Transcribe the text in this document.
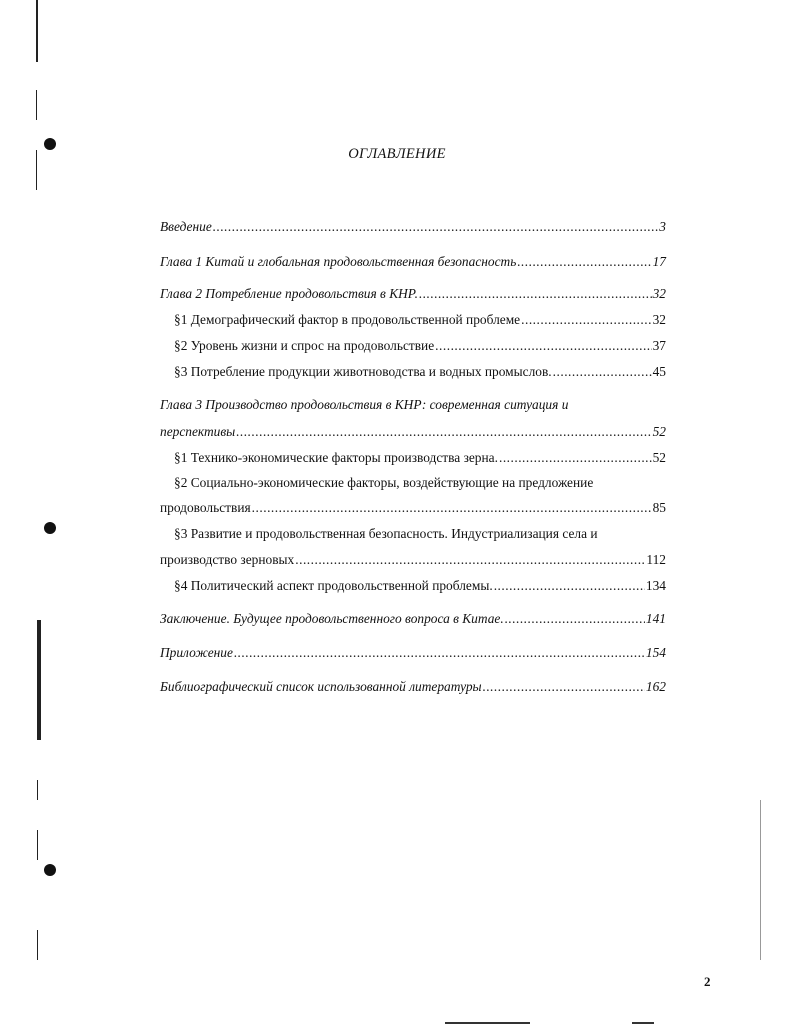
ОГЛАВЛЕНИЕ
Введение .....	3
Глава 1 Китай и глобальная продовольственная безопасность .....	17
Глава 2 Потребление продовольствия в КНР. .....	32
§1 Демографический фактор в продовольственной проблеме .....	32
§2 Уровень жизни и спрос на продовольствие .....	37
§3 Потребление продукции животноводства и водных промыслов. .....	45
Глава 3 Производство продовольствия в КНР: современная ситуация и
перспективы .....	52
§1 Технико-экономические факторы производства зерна. .....	52
§2 Социально-экономические факторы, воздействующие на предложение
продовольствия .....	85
§3 Развитие и продовольственная безопасность. Индустриализация села и
производство зерновых .....	112
§4 Политический аспект продовольственной проблемы. .....	134
Заключение. Будущее продовольственного вопроса в Китае. .....	141
Приложение .....	154
Библиографический список использованной литературы .....	162
2
